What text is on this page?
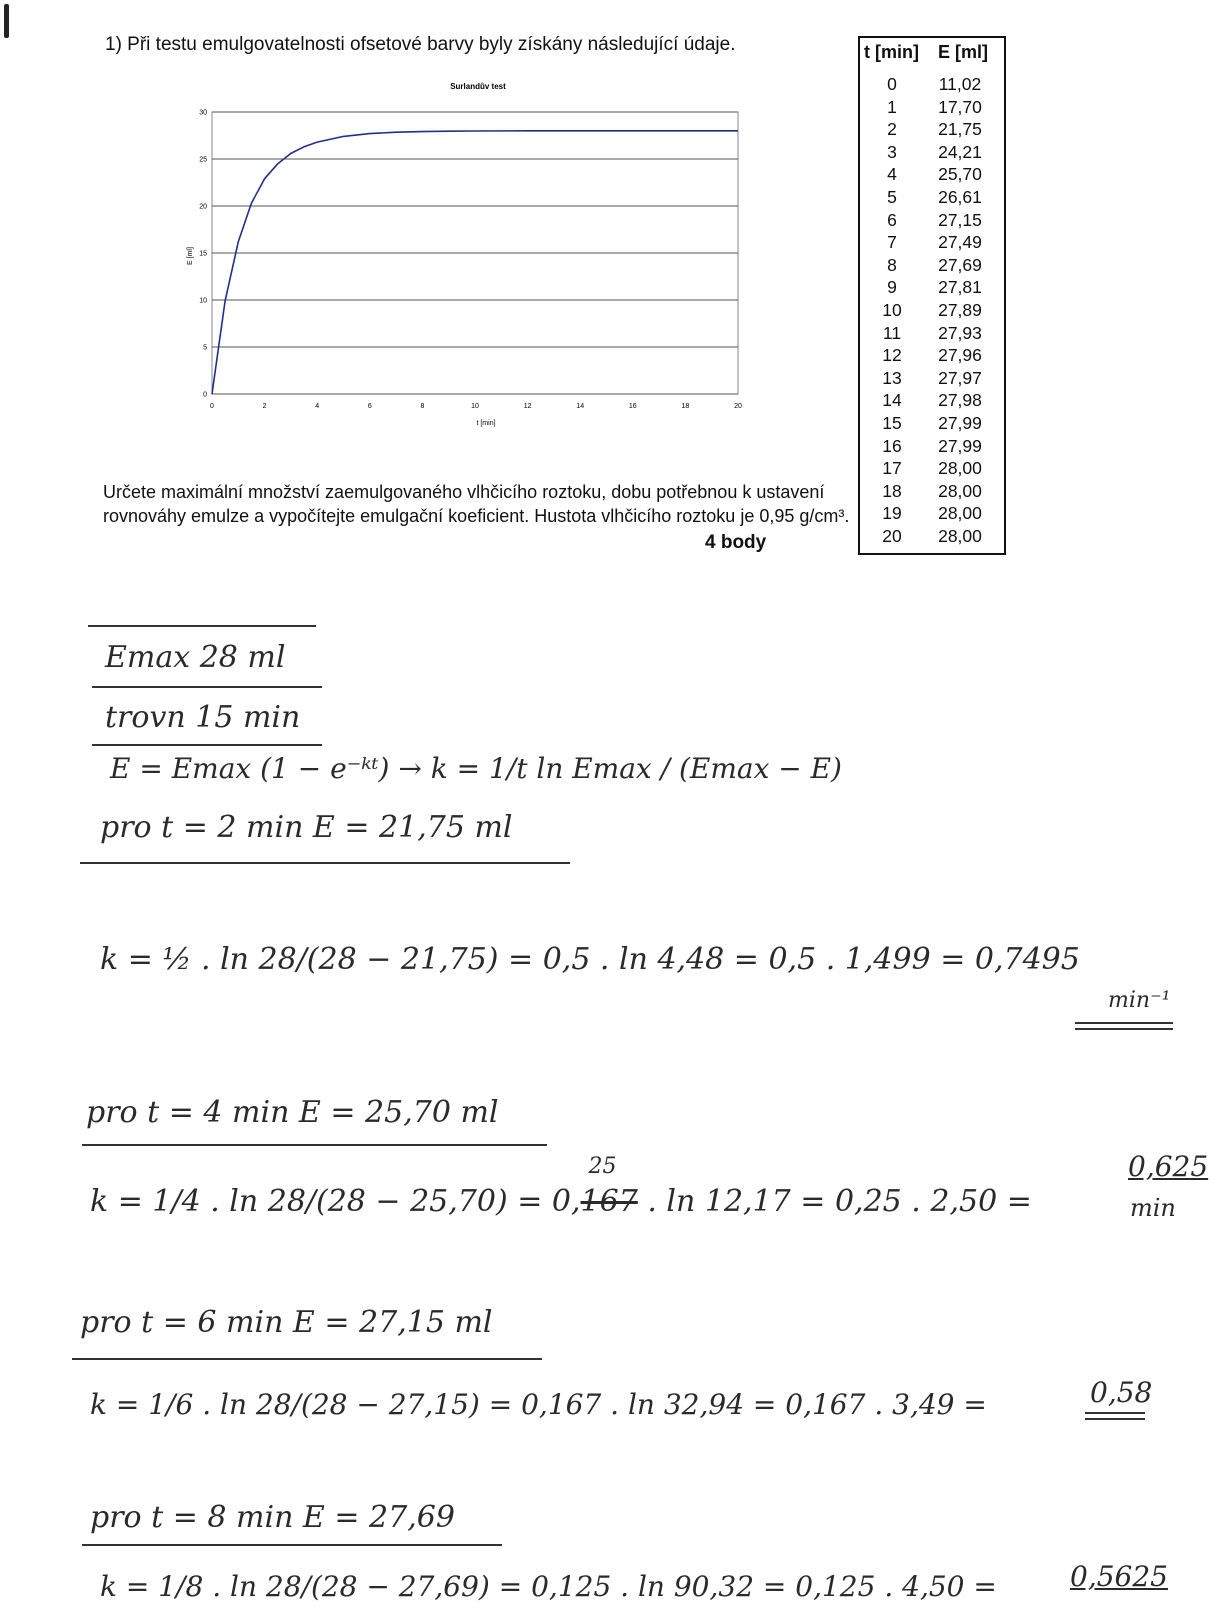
1) Při testu emulgovatelnosti ofsetové barvy byly získány následující údaje.
Surlandův test
0
5
10
15
20
25
30
0	2	4	6	8	10	12	14	16	18	20
E [ml]
t [min]
Určete maximální množství zaemulgovaného vlhčicího roztoku, dobu potřebnou k ustavení rovnováhy emulze a vypočítejte emulgační koeficient. Hustota vlhčicího roztoku je 0,95 g/cm³.
4 body
t [min]	E [ml]
0	11,02
1	17,70
2	21,75
3	24,21
4	25,70
5	26,61
6	27,15
7	27,49
8	27,69
9	27,81
10	27,89
11	27,93
12	27,96
13	27,97
14	27,98
15	27,99
16	27,99
17	28,00
18	28,00
19	28,00
20	28,00
Emax 28 ml
trovn 15 min
E = Emax (1 − e⁻ᵏᵗ) → k = 1/t ln Emax / (Emax − E)
pro t = 2 min E = 21,75 ml
k = ½ . ln 28/(28 − 21,75) = 0,5 . ln 4,48 = 0,5 . 1,499 = 0,7495
min⁻¹
pro t = 4 min E = 25,70 ml
k = 1/4 . ln 28/(28 − 25,70) = 0,
25
167 . ln 12,17 = 0,25 . 2,50 =
0,625
min
pro t = 6 min E = 27,15 ml
k = 1/6 . ln 28/(28 − 27,15) = 0,167 . ln 32,94 = 0,167 . 3,49 =	0,58
pro t = 8 min E = 27,69
k = 1/8 . ln 28/(28 − 27,69) = 0,125 . ln 90,32 = 0,125 . 4,50 =	0,5625
